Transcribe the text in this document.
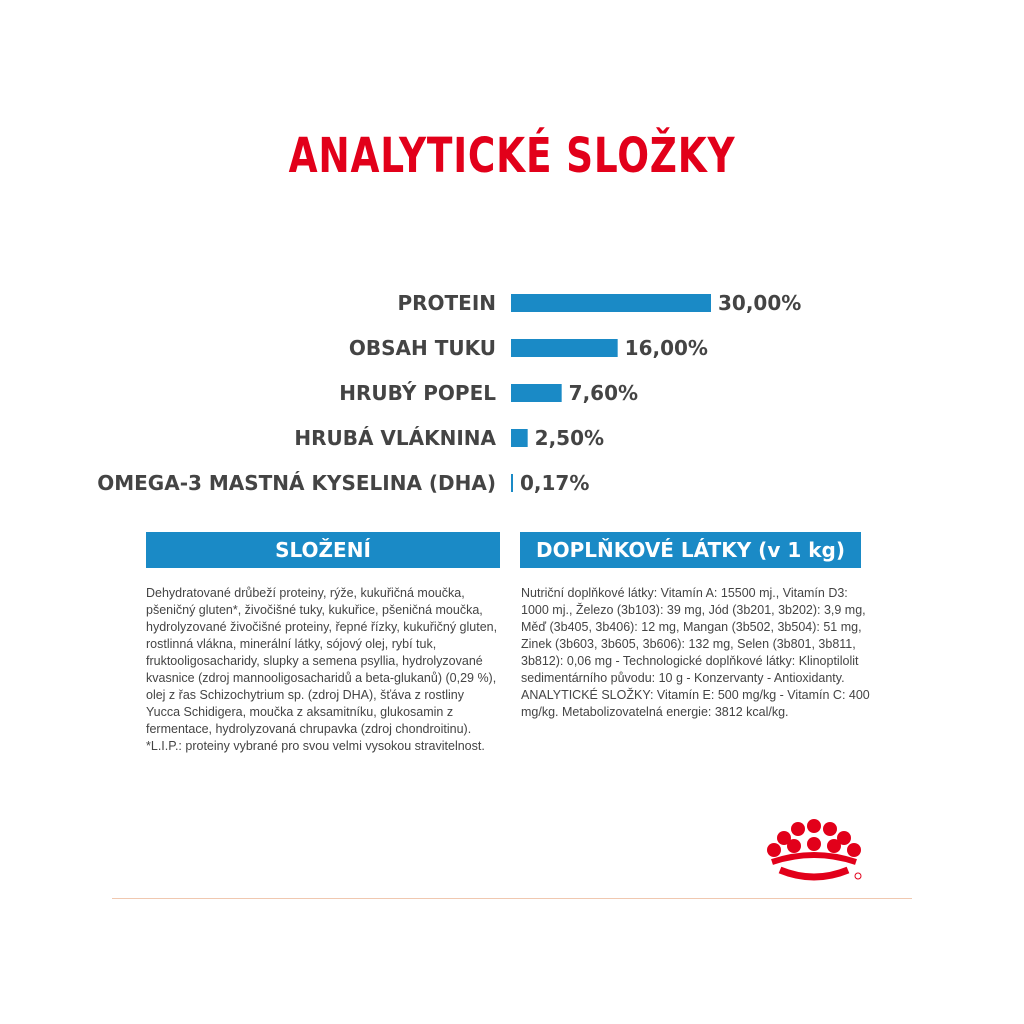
ANALYTICKÉ SLOŽKY
PROTEIN	30,00%
OBSAH TUKU	16,00%
HRUBÝ POPEL	7,60%
HRUBÁ VLÁKNINA 2,50%
OMEGA-3 MASTNÁ KYSELINA (DHA) 0,17%
SLOŽENÍ	DOPLŇKOVÉ LÁTKY (v 1 kg)

Dehydratované drůbeží proteiny, rýže, kukuřičná moučka, pšeničný gluten*, živočišné tuky, kukuřice, pšeničná moučka, hydrolyzované živočišné proteiny, řepné řízky, kukuřičný gluten, rostlinná vlákna, minerální látky, sójový olej, rybí tuk, fruktooligosacharidy, slupky a semena psyllia, hydrolyzované kvasnice (zdroj mannooligosacharidů a beta-glukanů) (0,29 %), olej z řas Schizochytrium sp. (zdroj DHA), šťáva z rostliny Yucca Schidigera, moučka z aksamitníku, glukosamin z fermentace, hydrolyzovaná chrupavka (zdroj chondroitinu).
*L.I.P.: proteiny vybrané pro svou velmi vysokou stravitelnost.

Nutriční doplňkové látky: Vitamín A: 15500 mj., Vitamín D3: 1000 mj., Železo (3b103): 39 mg, Jód (3b201, 3b202): 3,9 mg, Měď (3b405, 3b406): 12 mg, Mangan (3b502, 3b504): 51 mg, Zinek (3b603, 3b605, 3b606): 132 mg, Selen (3b801, 3b811, 3b812): 0,06 mg - Technologické doplňkové látky: Klinoptilolit sedimentárního původu: 10 g - Konzervanty - Antioxidanty.
ANALYTICKÉ SLOŽKY: Vitamín E: 500 mg/kg - Vitamín C: 400 mg/kg. Metabolizovatelná energie: 3812 kcal/kg.
